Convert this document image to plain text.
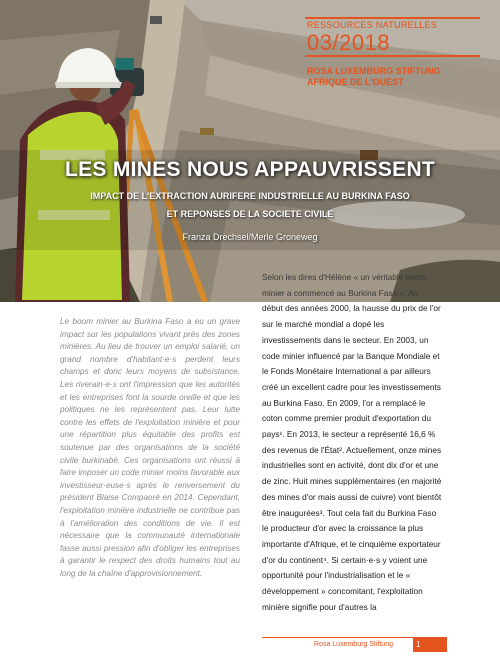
RESSOURCES NATURELLES
03/2018
ROSA LUXEMBURG STIFTUNG
AFRIQUE DE L'OUEST
LES MINES NOUS APPAUVRISSENT
IMPACT DE L'EXTRACTION AURIFERE INDUSTRIELLE AU BURKINA FASO
ET REPONSES DE LA SOCIETE CIVILE
Franza Drechsel/Merle Groneweg
Le boom minier au Burkina Faso a eu un grave impact sur les populations vivant près des zones minières. Au lieu de trouver un emploi salarié, un grand nombre d'habitant·e·s perdent leurs champs et donc leurs moyens de subsistance. Les riverain·e·s ont l'impression que les autorités et les entreprises font la sourde oreille et que les politiques ne les représentent pas. Leur lutte contre les effets de l'exploitation minière et pour une répartition plus équitable des profits est soutenue par des organisations de la société civile burkinabè. Ces organisations ont réussi à faire imposer un code minier moins favorable aux investisseur·euse·s après le renversement du président Blaise Compaoré en 2014. Cependant, l'exploitation minière industrielle ne contribue pas à l'amélioration des conditions de vie. Il est nécessaire que la communauté internationale fasse aussi pression afin d'obliger les entreprises à garantir le respect des droits humains tout au long de la chaîne d'approvisionnement.
Selon les dires d'Hélène « un véritable boom
minier a commencé au Burkina Faso ». Au
début des années 2000, la hausse du prix de l'or sur le marché mondial a dopé les investissements dans le secteur. En 2003, un code minier influencé par la Banque Mondiale et le Fonds Monétaire International a par ailleurs créé un excellent cadre pour les investissements au Burkina Faso. En 2009, l'or a remplacé le coton comme premier produit d'exportation du pays¹. En 2013, le secteur a représenté 16,6 % des revenus de l'État². Actuellement, onze mines industrielles sont en activité, dont dix d'or et une de zinc. Huit mines supplémentaires (en majorité des mines d'or mais aussi de cuivre) vont bientôt être inaugurées³. Tout cela fait du Burkina Faso le producteur d'or avec la croissance la plus importante d'Afrique, et le cinquième exportateur d'or du continent⁴. Si certain·e·s y voient une opportunité pour l'industrialisation et le « développement » concomitant, l'exploitation minière signifie pour d'autres la
Rosa Luxemburg Stiftung	1
